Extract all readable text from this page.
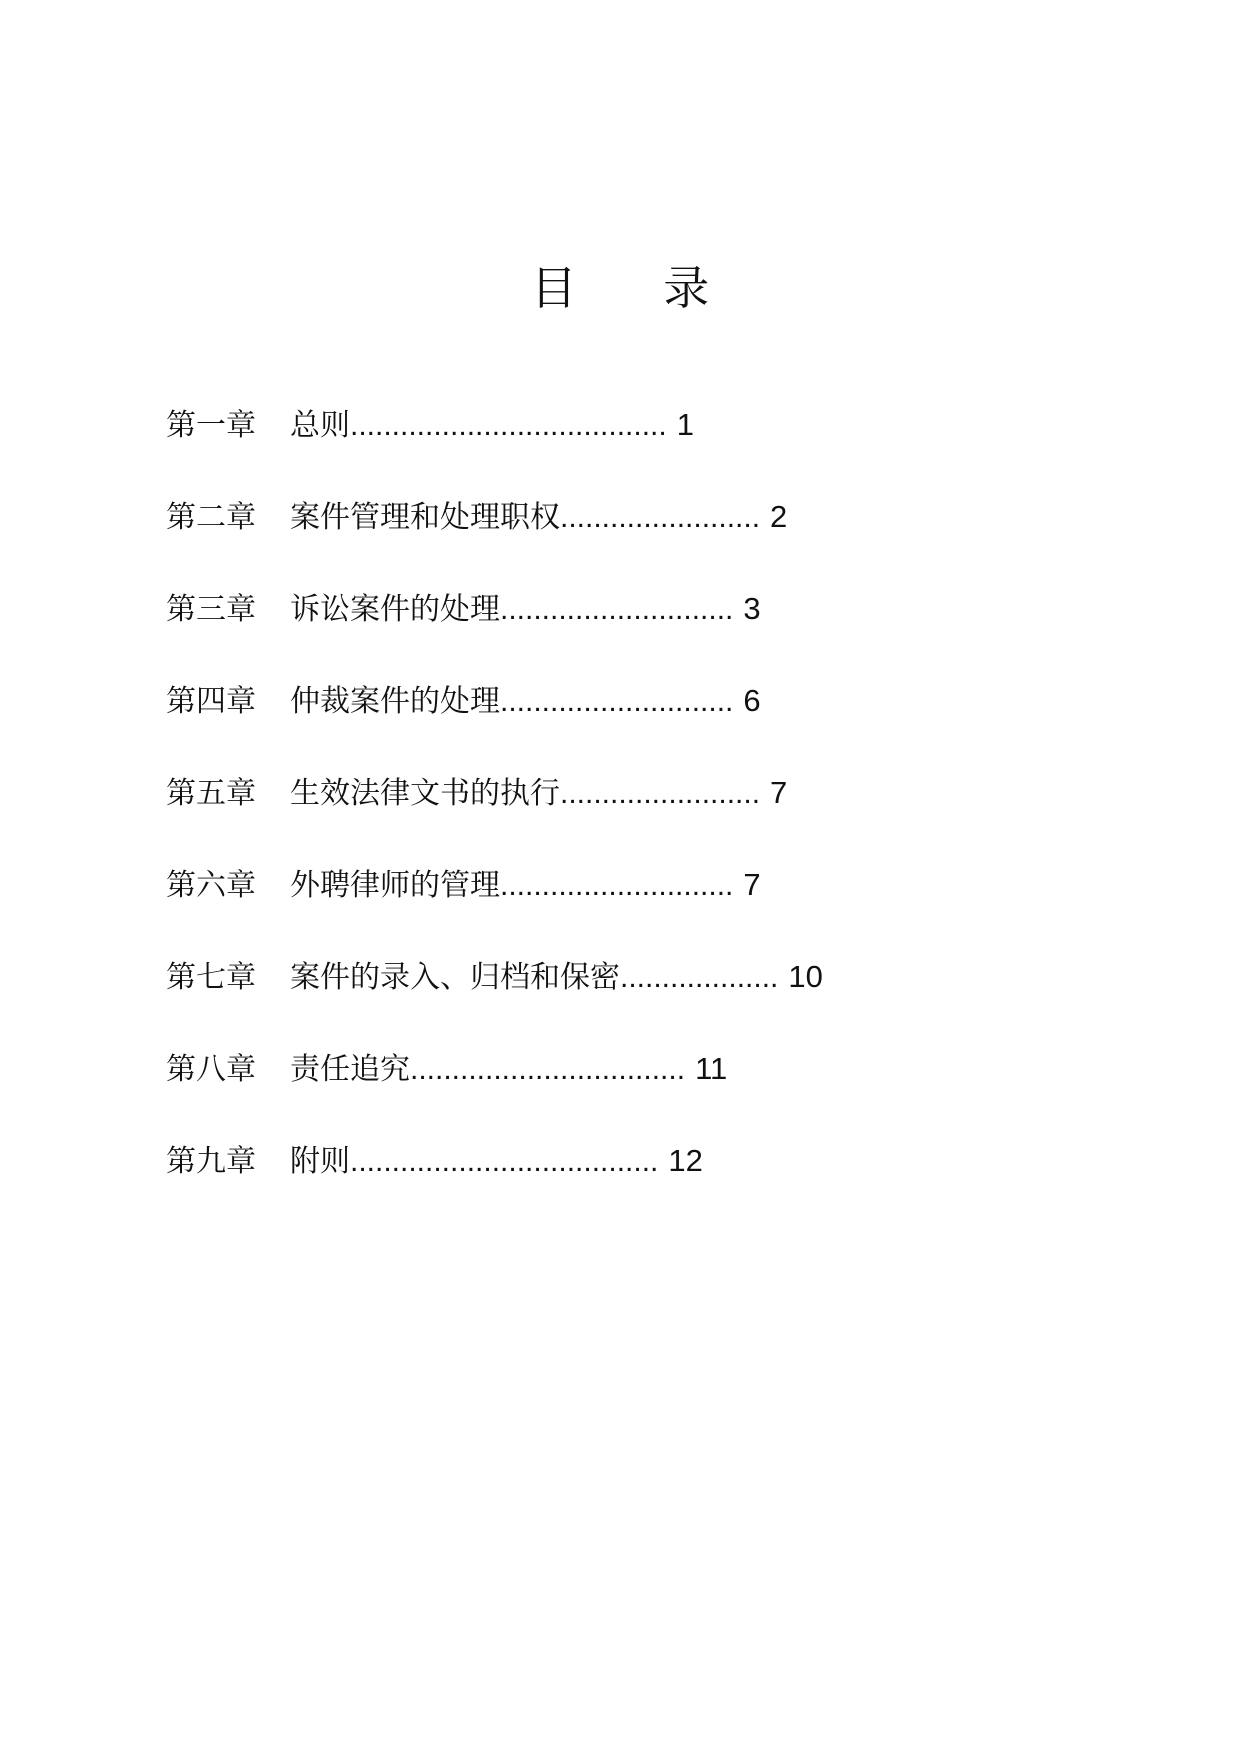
目 录
第一章	总则 ...................................... 1
第二章	案件管理和处理职权 ........................ 2
第三章	诉讼案件的处理 ............................ 3
第四章	仲裁案件的处理 ............................ 6
第五章	生效法律文书的执行 ........................ 7
第六章	外聘律师的管理 ............................ 7
第七章	案件的录入、归档和保密 ................... 10
第八章	责任追究 ................................. 11
第九章	附则 ..................................... 12
